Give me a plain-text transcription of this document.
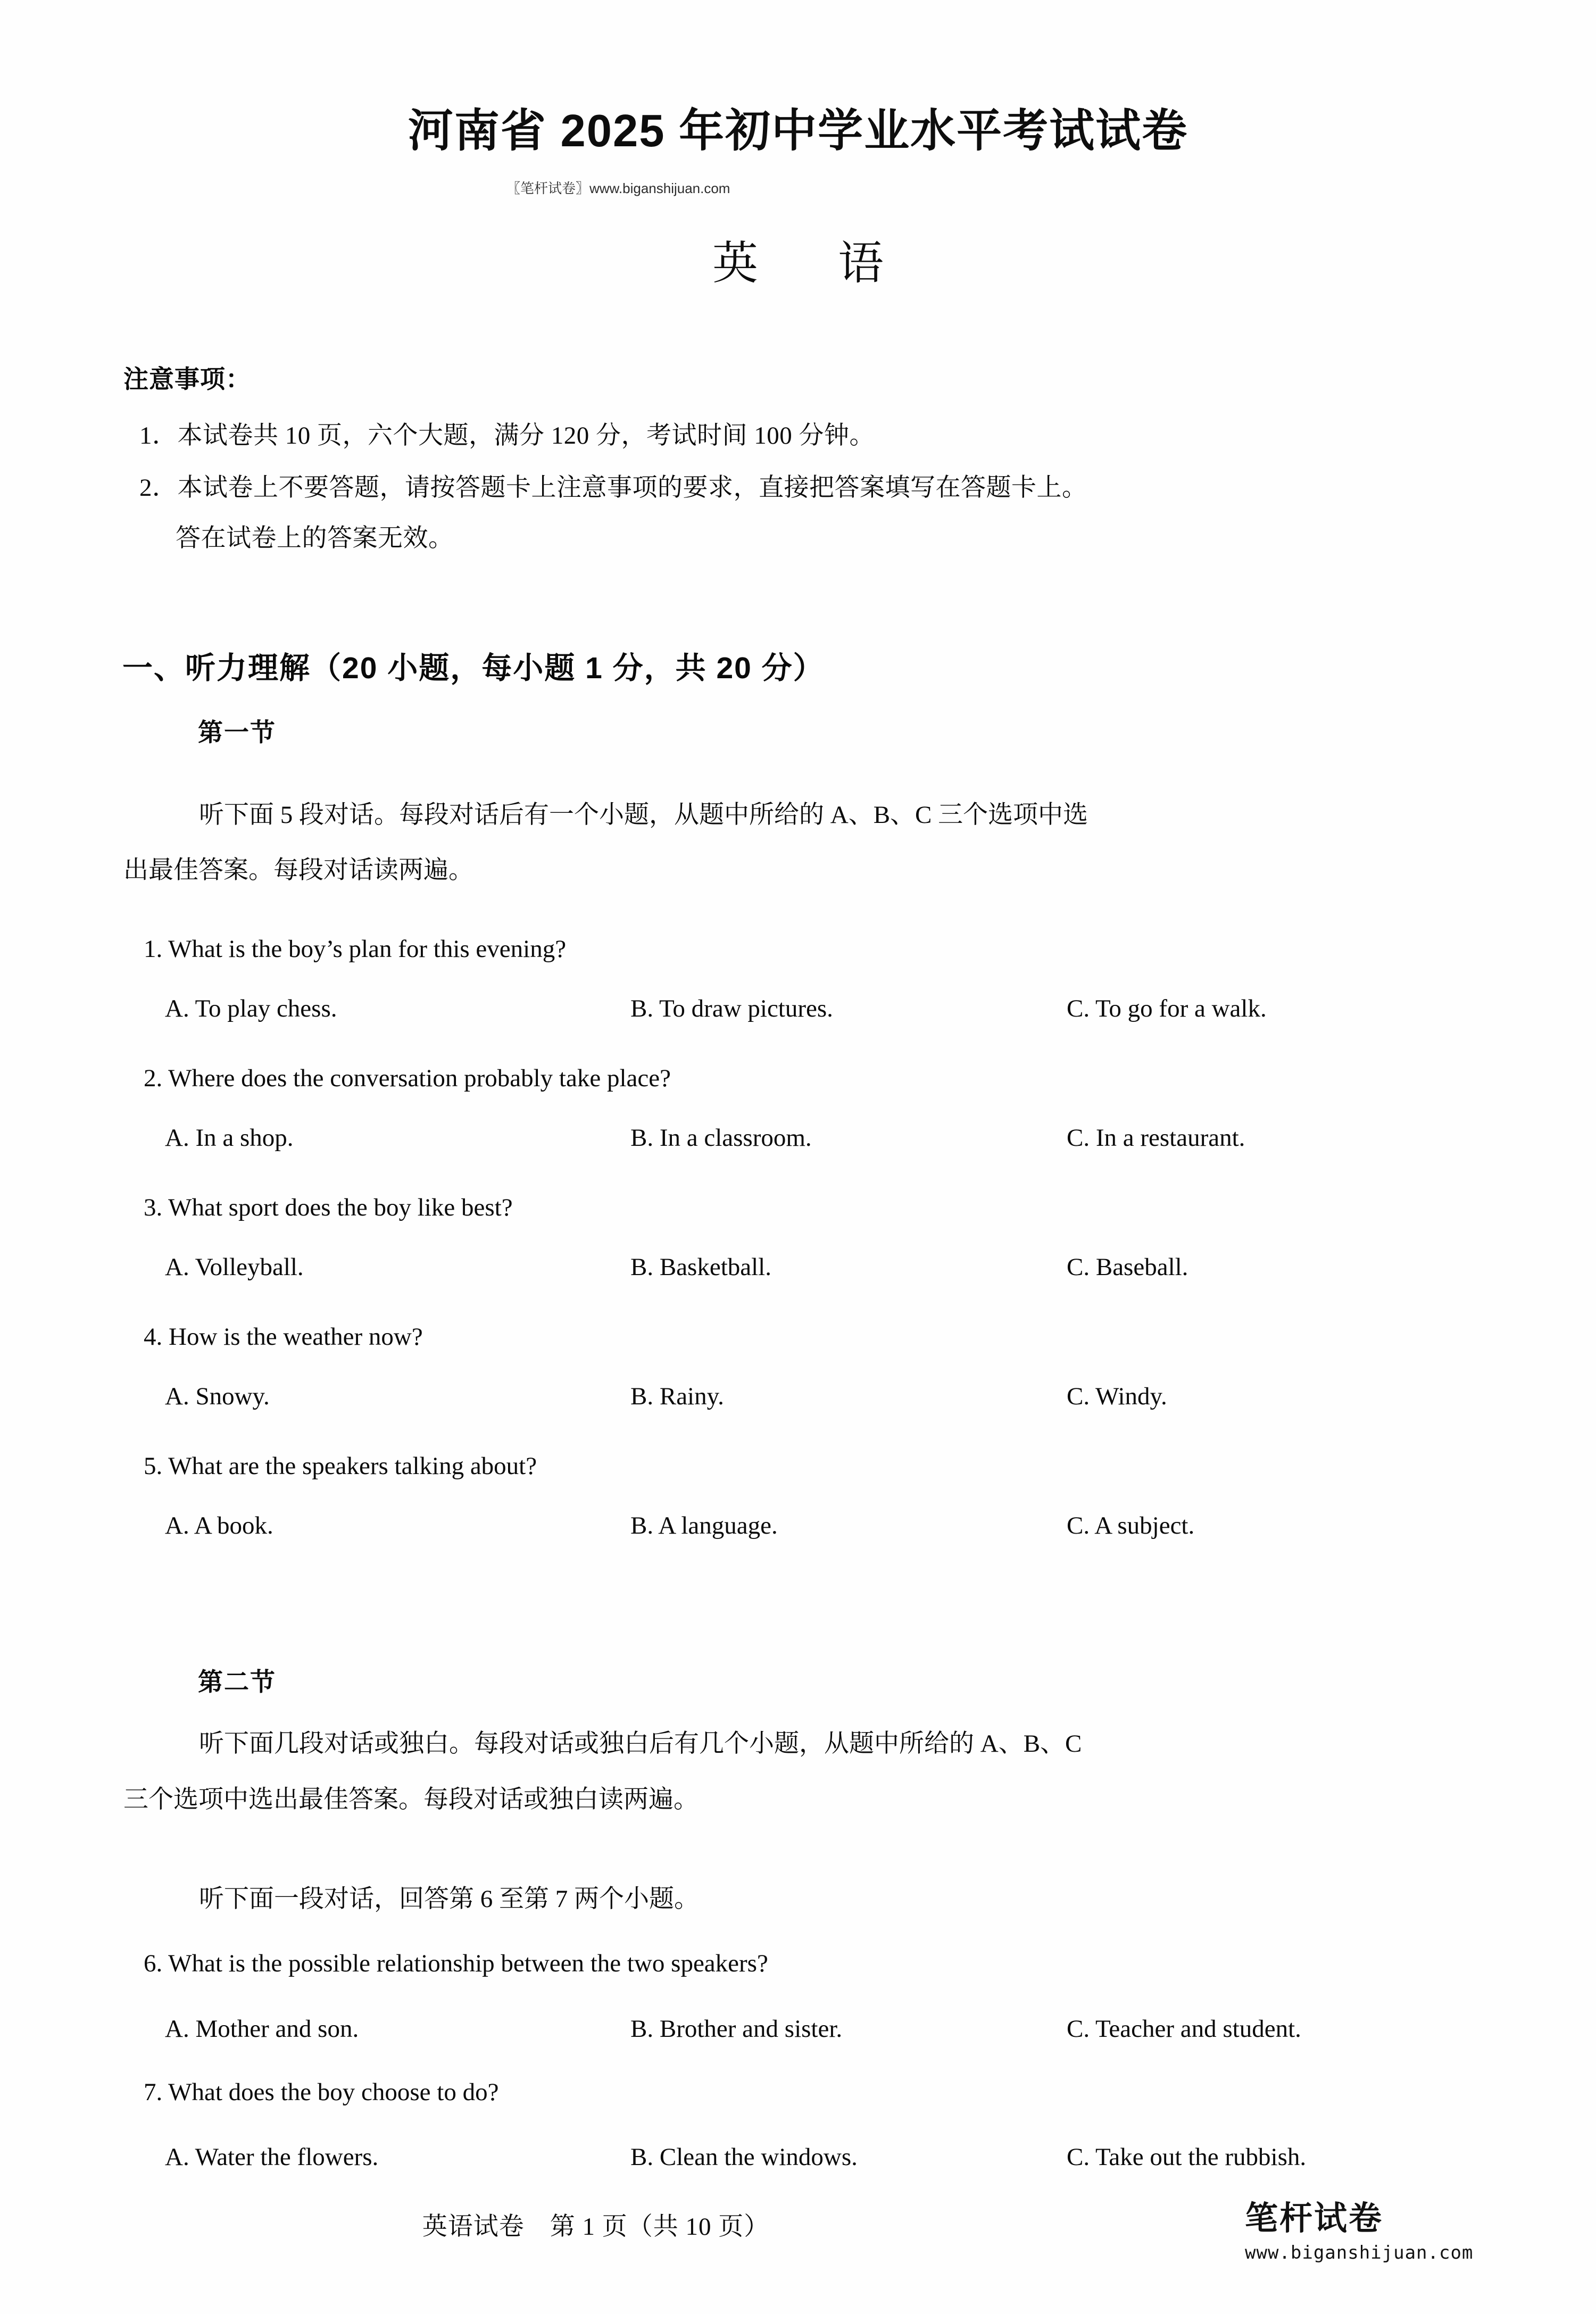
河南省 2025 年初中学业水平考试试卷
〖笔杆试卷〗www.biganshijuan.com
英 语
注意事项：
1．本试卷共 10 页，六个大题，满分 120 分，考试时间 100 分钟。
2．本试卷上不要答题，请按答题卡上注意事项的要求，直接把答案填写在答题卡上。
答在试卷上的答案无效。
一、听力理解（20 小题，每小题 1 分，共 20 分）
第一节
听下面 5 段对话。每段对话后有一个小题，从题中所给的 A、B、C 三个选项中选
出最佳答案。每段对话读两遍。
1. What is the boy’s plan for this evening?
A. To play chess.	B. To draw pictures.	C. To go for a walk.
2. Where does the conversation probably take place?
A. In a shop.	B. In a classroom.	C. In a restaurant.
3. What sport does the boy like best?
A. Volleyball.	B. Basketball.	C. Baseball.
4. How is the weather now?
A. Snowy.	B. Rainy.	C. Windy.
5. What are the speakers talking about?
A. A book.	B. A language.	C. A subject.
第二节
听下面几段对话或独白。每段对话或独白后有几个小题，从题中所给的 A、B、C
三个选项中选出最佳答案。每段对话或独白读两遍。
听下面一段对话，回答第 6 至第 7 两个小题。
6. What is the possible relationship between the two speakers?
A. Mother and son.	B. Brother and sister.	C. Teacher and student.
7. What does the boy choose to do?
A. Water the flowers.	B. Clean the windows.	C. Take out the rubbish.
英语试卷　第 1 页（共 10 页）	笔杆试卷
www.biganshijuan.com
